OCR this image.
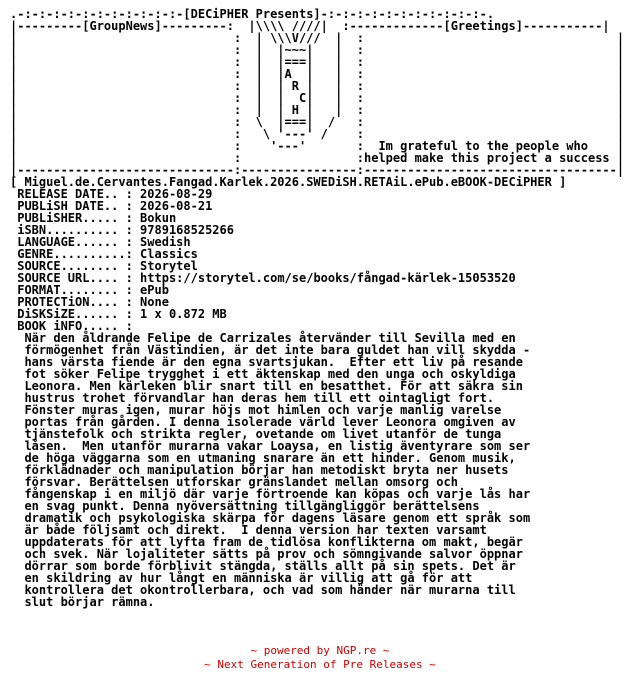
.-:-:-:-:-:-:-:-:-:-:-:-[DECiPHER Presents]-:-:-:-:-:-:-:-:-:-:-:-.
|---------[GroupNews]---------:  |\\\\ ////|  :-------------[Greetings]-----------|
|                              :  | \\\V///  |  :                                   |
|                              :  |  |~~~|   |  :                                   |
|                              :  |  |===|   |  :                                   |
|                              :  |  |A  |   |  :                                   |
|                              :  |  | R |   |  :                                   |
|                              :  |  |  C|   |  :                                   |
|                              :  |  | H |   |  :                                   |
|                              :  \  |===|  /   :                                   |
|                              :   \ '---' /    :                                   |
|                              :    '---'       :  Im grateful to the people who    |
|                              :                :helped make this project a success |
|------------------------------:----------------:-----------------------------------|
[ Miguel.de.Cervantes.Fangad.Karlek.2026.SWEDiSH.RETAiL.ePub.eBOOK-DECiPHER ]
RELEASE DATE.. : 2026-08-29
PUBLiSH DATE.. : 2026-08-21
PUBLiSHER..... : Bokun
iSBN.......... : 9789168525266
LANGUAGE...... : Swedish
GENRE..........: Classics
SOURCE........ : Storytel
SOURCE URL.... : https://storytel.com/se/books/fångad-kärlek-15053520
FORMAT........ : ePub
PROTECTiON.... : None
DiSKSiZE...... : 1 x 0.872 MB
BOOK iNFO..... :
När den åldrande Felipe de Carrizales återvänder till Sevilla med en
förmögenhet från Västindien, är det inte bara guldet han vill skydda -
hans värsta fiende är den egna svartsjukan.  Efter ett liv på resande
fot söker Felipe trygghet i ett äktenskap med den unga och oskyldiga
Leonora. Men kärleken blir snart till en besatthet. För att säkra sin
hustrus trohet förvandlar han deras hem till ett ointagligt fort.
Fönster muras igen, murar höjs mot himlen och varje manlig varelse
portas från gården. I denna isolerade värld lever Leonora omgiven av
tjänstefolk och strikta regler, ovetande om livet utanför de tunga
låsen.  Men utanför murarna vakar Loaysa, en listig äventyrare som ser
de höga väggarna som en utmaning snarare än ett hinder. Genom musik,
förklädnader och manipulation börjar han metodiskt bryta ner husets
försvar. Berättelsen utforskar gränslandet mellan omsorg och
fångenskap i en miljö där varje förtroende kan köpas och varje lås har
en svag punkt. Denna nyöversättning tillgängliggör berättelsens
dramatik och psykologiska skärpa för dagens läsare genom ett språk som
är både följsamt och direkt.  I denna version har texten varsamt
uppdaterats för att lyfta fram de tidlösa konflikterna om makt, begär
och svek. När lojaliteter sätts på prov och sömngivande salvor öppnar
dörrar som borde förblivit stängda, ställs allt på sin spets. Det är
en skildring av hur långt en människa är villig att gå för att
kontrollera det okontrollerbara, och vad som händer när murarna till
slut börjar rämna.
~ powered by NGP.re ~
~ Next Generation of Pre Releases ~
